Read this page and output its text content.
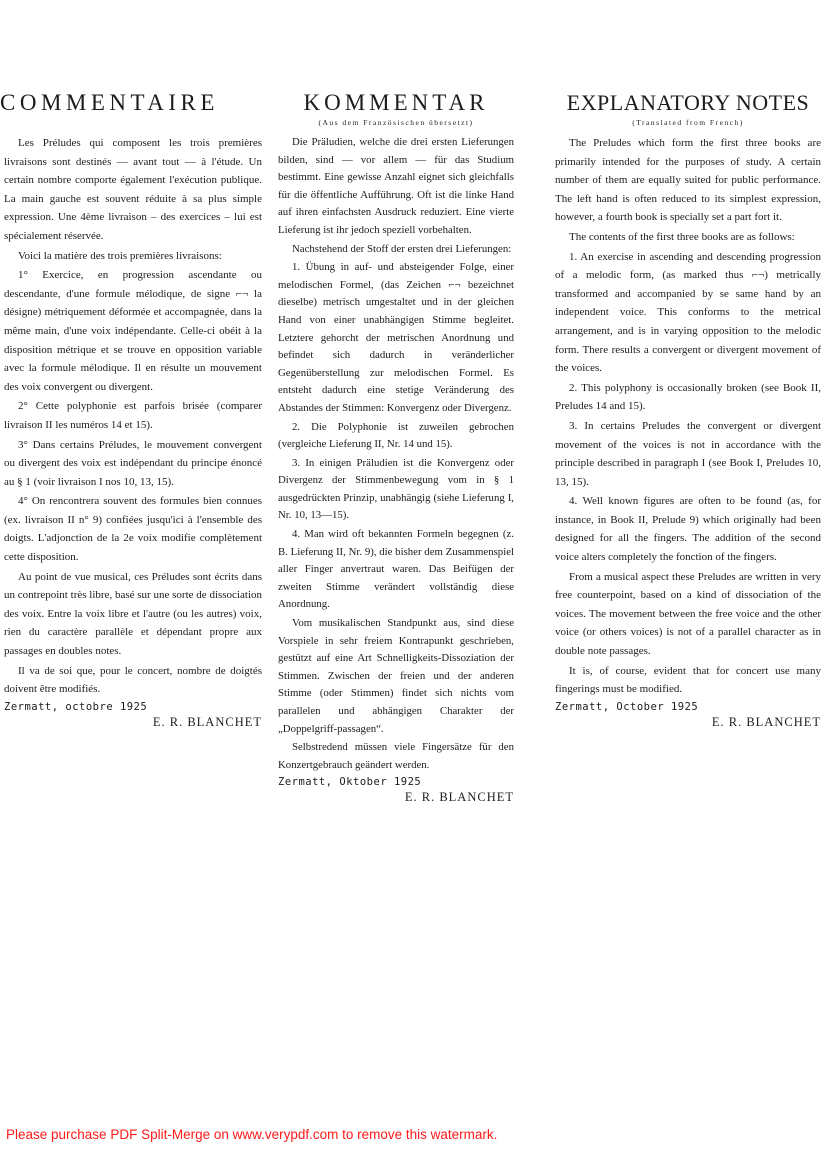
COMMENTAIRE

Les Préludes qui composent les trois premières livraisons sont destinés — avant tout — à l'étude. Un certain nombre comporte également l'exécution publique. La main gauche est souvent réduite à sa plus simple expression. Une 4ème livraison – des exercices – lui est spécialement réservée.

Voici la matière des trois premières livraisons:

1° Exercice, en progression ascendante ou descendante, d'une formule mélodique, de signe ⌐¬ la désigne) métriquement déformée et accompagnée, dans la même main, d'une voix indépendante. Celle-ci obéit à la disposition métrique et se trouve en opposition variable avec la formule mélodique. Il en résulte un mouvement des voix convergent ou divergent.

2° Cette polyphonie est parfois brisée (comparer livraison II les numéros 14 et 15).

3° Dans certains Préludes, le mouvement convergent ou divergent des voix est indépendant du principe énoncé au § 1 (voir livraison I nos 10, 13, 15).

4° On rencontrera souvent des formules bien connues (ex. livraison II n° 9) confiées jusqu'ici à l'ensemble des doigts. L'adjonction de la 2e voix modifie complètement cette disposition.

Au point de vue musical, ces Préludes sont écrits dans un contrepoint très libre, basé sur une sorte de dissociation des voix. Entre la voix libre et l'autre (ou les autres) voix, rien du caractère parallèle et dépendant propre aux passages en doubles notes.

Il va de soi que, pour le concert, nombre de doigtés doivent être modifiés.

Zermatt, octobre 1925
E. R. BLANCHET
KOMMENTAR
(Aus dem Französischen übersetzt)

Die Präludien, welche die drei ersten Lieferungen bilden, sind — vor allem — für das Studium bestimmt. Eine gewisse Anzahl eignet sich gleichfalls für die öffentliche Aufführung. Oft ist die linke Hand auf ihren einfachsten Ausdruck reduziert. Eine vierte Lieferung ist ihr jedoch speziell vorbehalten.

Nachstehend der Stoff der ersten drei Lieferungen:

1. Übung in auf- und absteigender Folge, einer melodischen Formel, (das Zeichen ⌐¬ bezeichnet dieselbe) metrisch umgestaltet und in der gleichen Hand von einer unabhängigen Stimme begleitet. Letztere gehorcht der metrischen Anordnung und befindet sich dadurch in veränderlicher Gegenüberstellung zur melodischen Formel. Es entsteht dadurch eine stetige Veränderung des Abstandes der Stimmen: Konvergenz oder Divergenz.

2. Die Polyphonie ist zuweilen gebrochen (vergleiche Lieferung II, Nr. 14 und 15).

3. In einigen Präludien ist die Konvergenz oder Divergenz der Stimmenbewegung vom in § 1 ausgedrückten Prinzip, unabhängig (siehe Lieferung I, Nr. 10, 13—15).

4. Man wird oft bekannten Formeln begegnen (z. B. Lieferung II, Nr. 9), die bisher dem Zusammenspiel aller Finger anvertraut waren. Das Beifügen der zweiten Stimme verändert vollständig diese Anordnung.

Vom musikalischen Standpunkt aus, sind diese Vorspiele in sehr freiem Kontrapunkt geschrieben, gestützt auf eine Art Schnelligkeits-Dissoziation der Stimmen. Zwischen der freien und der anderen Stimme (oder Stimmen) findet sich nichts vom parallelen und abhängigen Charakter der „Doppelgriff-passagen“.

Selbstredend müssen viele Fingersätze für den Konzertgebrauch geändert werden.

Zermatt, Oktober 1925
E. R. BLANCHET
EXPLANATORY NOTES
(Translated from French)

The Preludes which form the first three books are primarily intended for the purposes of study. A certain number of them are equally suited for public performance. The left hand is often reduced to its simplest expression, however, a fourth book is specially set a part fort it.

The contents of the first three books are as follows:

1. An exercise in ascending and descending progression of a melodic form, (as marked thus ⌐¬) metrically transformed and accompanied by se same hand by an independent voice. This conforms to the metrical arrangement, and is in varying opposition to the melodic form. There results a convergent or divergent movement of the voices.

2. This polyphony is occasionally broken (see Book II, Preludes 14 and 15).

3. In certains Preludes the convergent or divergent movement of the voices is not in accordance with the principle described in paragraph I (see Book I, Preludes 10, 13, 15).

4. Well known figures are often to be found (as, for instance, in Book II, Prelude 9) which originally had been designed for all the fingers. The addition of the second voice alters completely the fonction of the fingers.

From a musical aspect these Preludes are written in very free counterpoint, based on a kind of dissociation of the voices. The movement between the free voice and the other voice (or others voices) is not of a parallel character as in double note passages.

It is, of course, evident that for concert use many fingerings must be modified.

Zermatt, October 1925
E. R. BLANCHET
Please purchase PDF Split-Merge on www.verypdf.com to remove this watermark.
